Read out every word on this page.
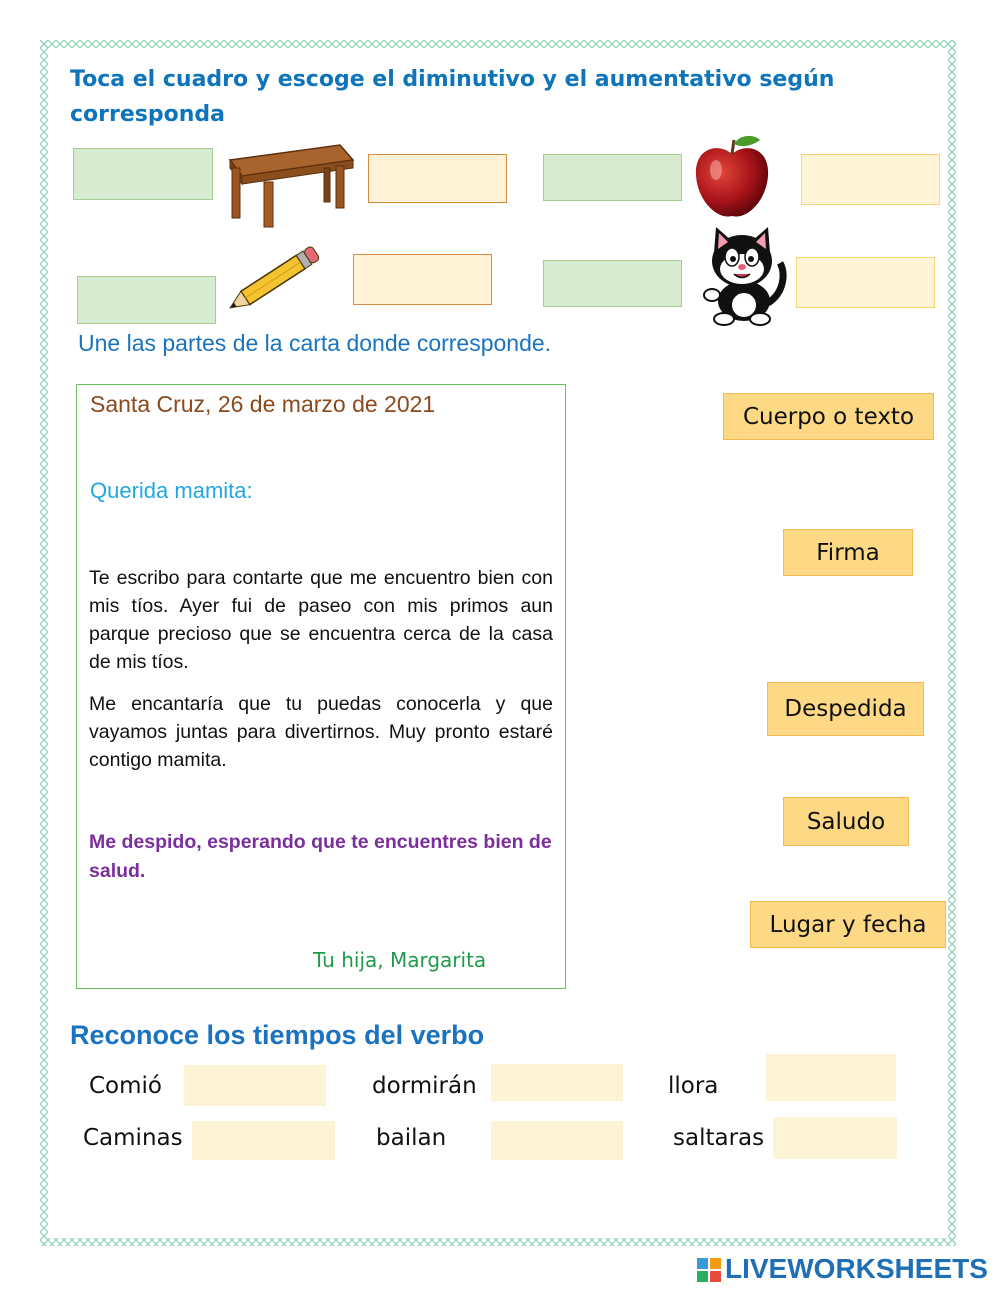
Toca el cuadro y escoge el diminutivo y el aumentativo según corresponda
Une las partes de la carta donde corresponde.
Santa Cruz, 26 de marzo de 2021
Querida mamita:
Te escribo para contarte que me encuentro bien con mis tíos. Ayer fui de paseo con mis primos aun parque precioso que se encuentra cerca de la casa de mis tíos.
Me encantaría que tu puedas conocerla y que vayamos juntas para divertirnos. Muy pronto estaré contigo mamita.
Me despido, esperando que te encuentres bien de salud.
Tu hija, Margarita
Cuerpo o texto
Firma
Despedida
Saludo
Lugar y fecha
Reconoce los tiempos del verbo
Comió	dormirán	llora
Caminas	bailan	saltaras
LIVEWORKSHEETS
